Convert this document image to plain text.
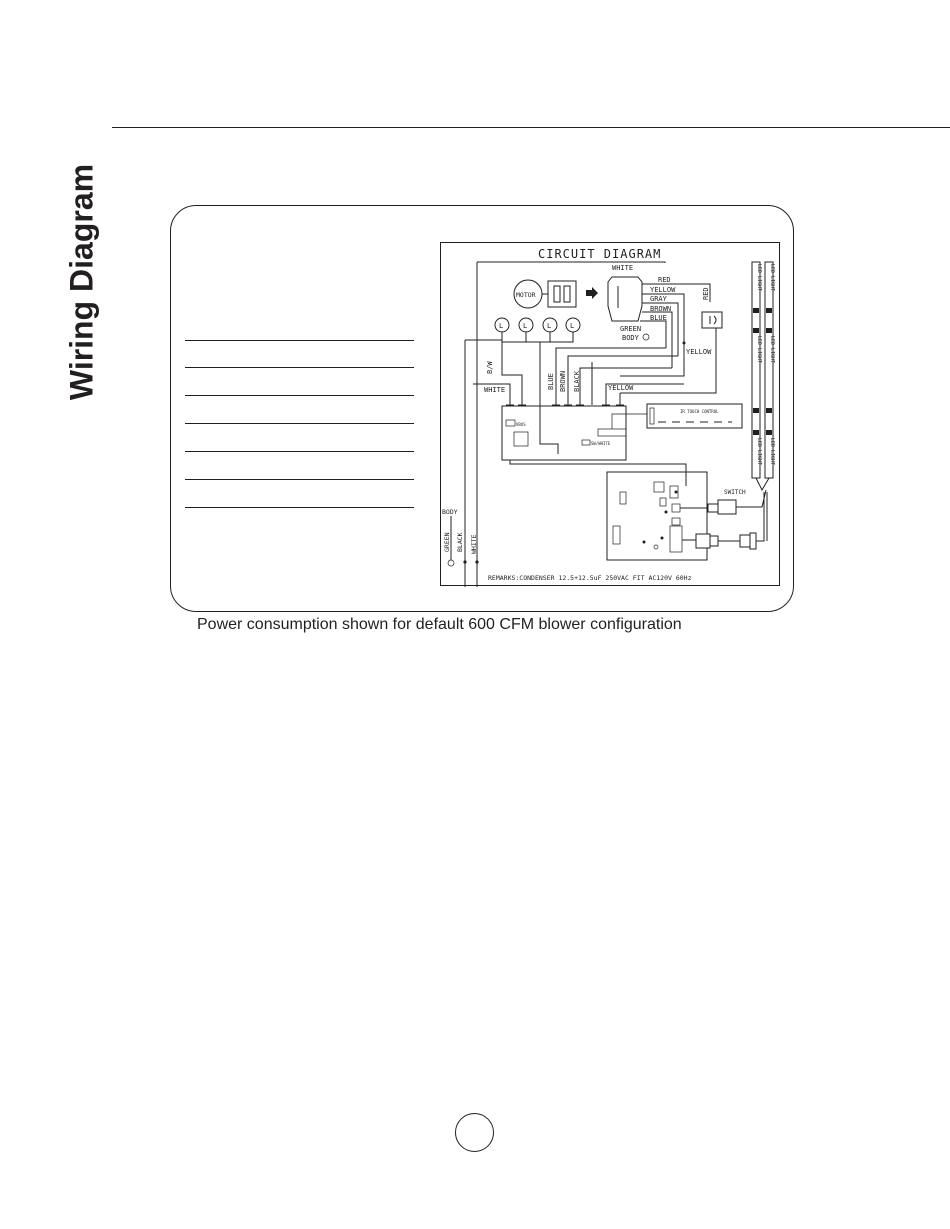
Wiring Diagram	CIRCUIT DIAGRAM
WHITE
MOTOR
RED
YELLOW
GRAY
BROWN
BLUE
GREEN
BODY
RED
YELLOW
L	L	L	L
B/W
WHITE	BLUE BROWN BLACK	YELLOW
VBUS
SW/WHITE
IR TOUCH CONTROL
SWITCH
LED LIGHT LED LIGHT
LED LIGHT LED LIGHT
LED LIGHT LED LIGHT
BODY
GREEN BLACK WHITE
REMARKS:CONDENSER 12.5+12.5uF 250VAC FIT AC120V 60Hz
Power consumption shown for default 600 CFM blower configuration
